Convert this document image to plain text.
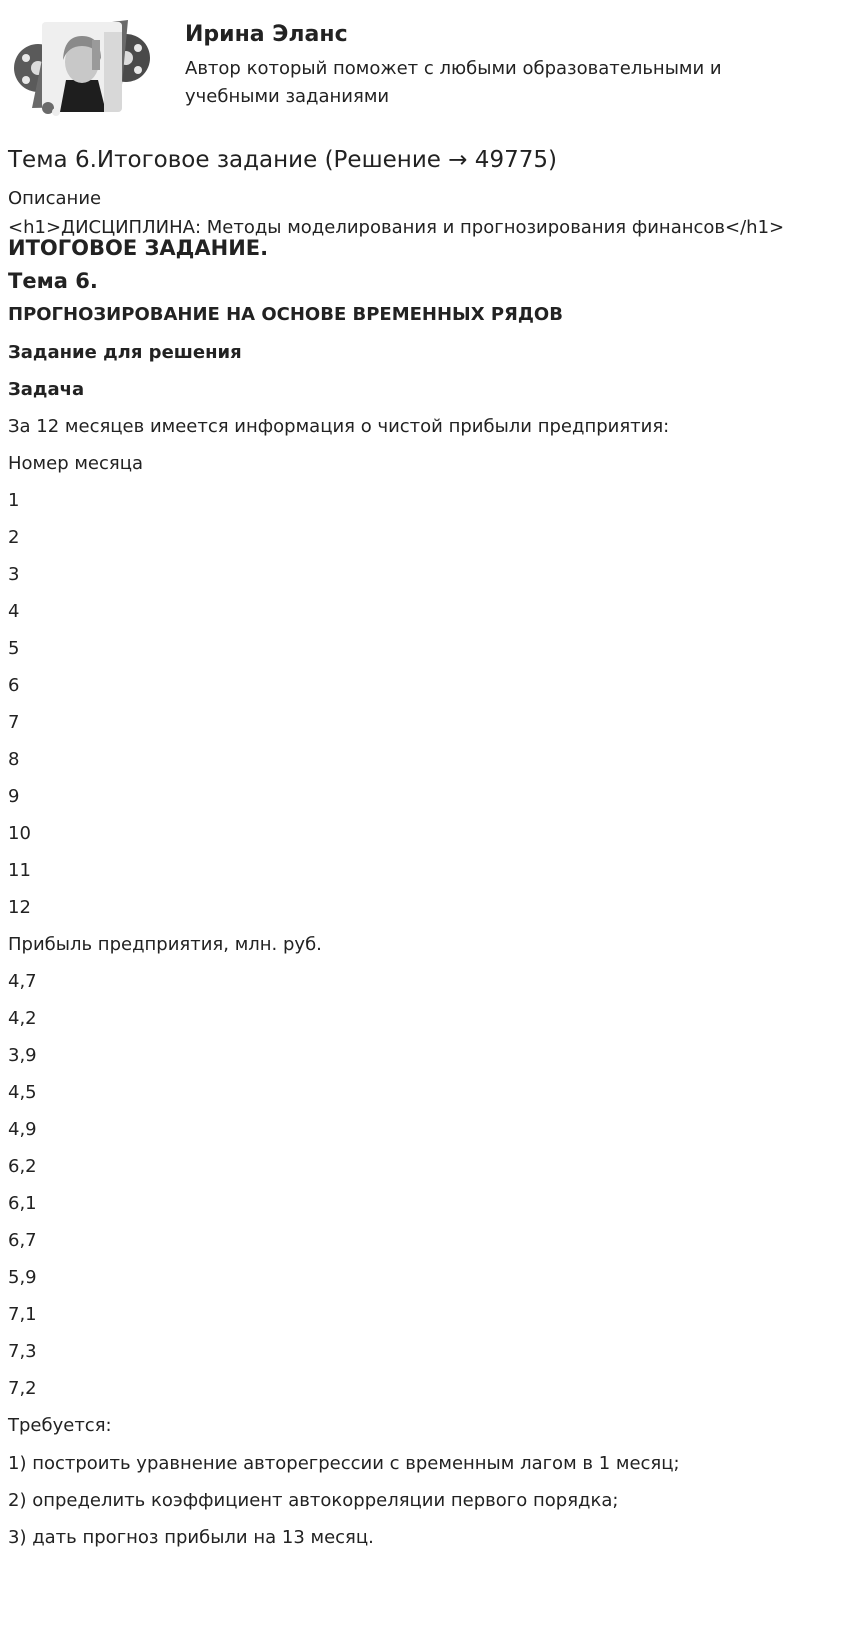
Ирина Эланс
Автор который поможет с любыми образовательными и учебными заданиями
Тема 6.Итоговое задание (Решение → 49775)
Описание
<h1>ДИСЦИПЛИНА: Методы моделирования и прогнозирования финансов</h1>
ИТОГОВОЕ ЗАДАНИЕ.
Тема 6.
ПРОГНОЗИРОВАНИЕ НА ОСНОВЕ ВРЕМЕННЫХ РЯДОВ
Задание для решения
Задача
За 12 месяцев имеется информация о чистой прибыли предприятия:
Номер месяца
1
2
3
4
5
6
7
8
9
10
11
12
Прибыль предприятия, млн. руб.
4,7
4,2
3,9
4,5
4,9
6,2
6,1
6,7
5,9
7,1
7,3
7,2
Требуется:
1) построить уравнение авторегрессии с временным лагом в 1 месяц;
2) определить коэффициент автокорреляции первого порядка;
3) дать прогноз прибыли на 13 месяц.
